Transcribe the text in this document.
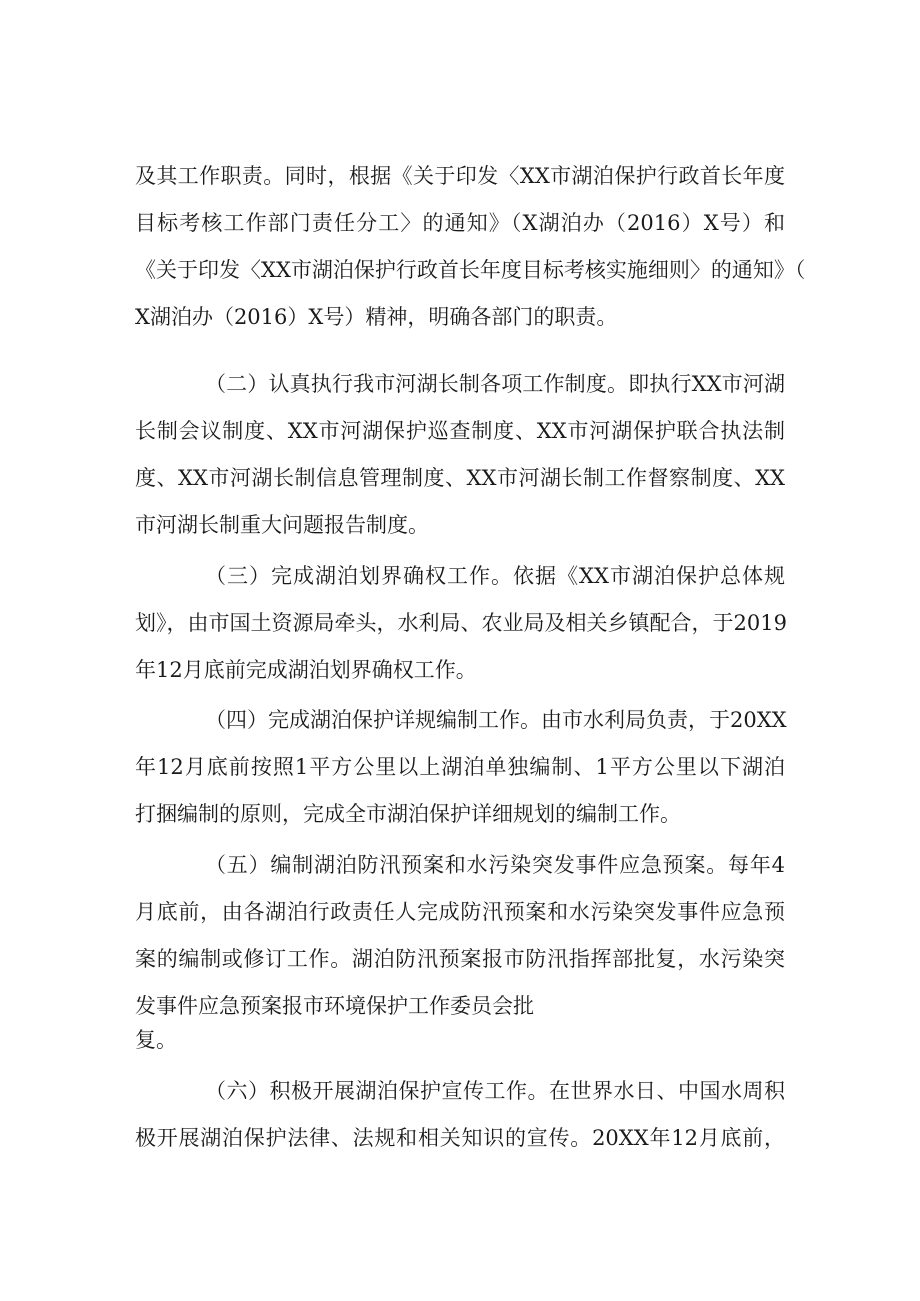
及其工作职责。同时，根据《关于印发〈XX市湖泊保护行政首长年度
目标考核工作部门责任分工〉的通知》（X湖泊办（2016）X号）和
《关于印发〈XX市湖泊保护行政首长年度目标考核实施细则〉的通知》（
X湖泊办（2016）X号）精神，明确各部门的职责。
（二）认真执行我市河湖长制各项工作制度。即执行XX市河湖
长制会议制度、XX市河湖保护巡查制度、XX市河湖保护联合执法制
度、XX市河湖长制信息管理制度、XX市河湖长制工作督察制度、XX
市河湖长制重大问题报告制度。
（三）完成湖泊划界确权工作。依据《XX市湖泊保护总体规
划》，由市国土资源局牵头，水利局、农业局及相关乡镇配合，于2019
年12月底前完成湖泊划界确权工作。
（四）完成湖泊保护详规编制工作。由市水利局负责，于20XX
年12月底前按照1平方公里以上湖泊单独编制、1平方公里以下湖泊
打捆编制的原则，完成全市湖泊保护详细规划的编制工作。
（五）编制湖泊防汛预案和水污染突发事件应急预案。每年4
月底前，由各湖泊行政责任人完成防汛预案和水污染突发事件应急预
案的编制或修订工作。湖泊防汛预案报市防汛指挥部批复，水污染突
发事件应急预案报市环境保护工作委员会批
复。
（六）积极开展湖泊保护宣传工作。在世界水日、中国水周积
极开展湖泊保护法律、法规和相关知识的宣传。20XX年12月底前，
